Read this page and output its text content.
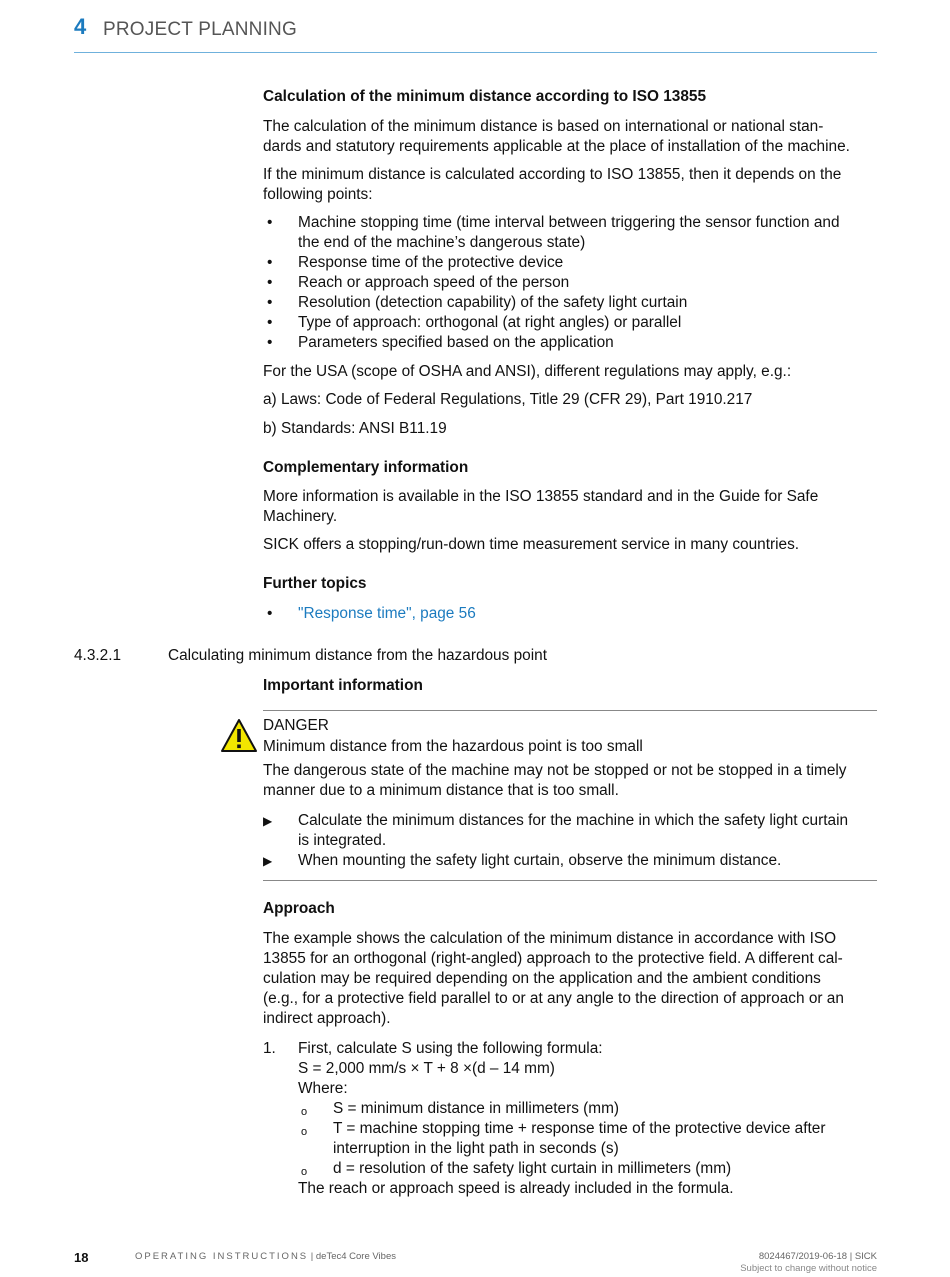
4 PROJECT PLANNING
Calculation of the minimum distance according to ISO 13855
The calculation of the minimum distance is based on international or national stan-
dards and statutory requirements applicable at the place of installation of the machine.
If the minimum distance is calculated according to ISO 13855, then it depends on the
following points:
• Machine stopping time (time interval between triggering the sensor function and
the end of the machine’s dangerous state)
• Response time of the protective device
• Reach or approach speed of the person
• Resolution (detection capability) of the safety light curtain
• Type of approach: orthogonal (at right angles) or parallel
• Parameters specified based on the application
For the USA (scope of OSHA and ANSI), different regulations may apply, e.g.:
a) Laws: Code of Federal Regulations, Title 29 (CFR 29), Part 1910.217
b) Standards: ANSI B11.19
Complementary information
More information is available in the ISO 13855 standard and in the Guide for Safe
Machinery.
SICK offers a stopping/run-down time measurement service in many countries.
Further topics
• "Response time", page 56
4.3.2.1	Calculating minimum distance from the hazardous point
Important information
DANGER
Minimum distance from the hazardous point is too small
The dangerous state of the machine may not be stopped or not be stopped in a timely
manner due to a minimum distance that is too small.
▶ Calculate the minimum distances for the machine in which the safety light curtain
is integrated.
▶ When mounting the safety light curtain, observe the minimum distance.
Approach
The example shows the calculation of the minimum distance in accordance with ISO
13855 for an orthogonal (right-angled) approach to the protective field. A different cal-
culation may be required depending on the application and the ambient conditions
(e.g., for a protective field parallel to or at any angle to the direction of approach or an
indirect approach).
1.	First, calculate S using the following formula:
S = 2,000 mm/s × T + 8 ×(d – 14 mm)
Where:
o S = minimum distance in millimeters (mm)
o T = machine stopping time + response time of the protective device after
interruption in the light path in seconds (s)
o d = resolution of the safety light curtain in millimeters (mm)
The reach or approach speed is already included in the formula.
18	OPERATING INSTRUCTIONS | deTec4 Core Vibes	8024467/2019-06-18 | SICK
Subject to change without notice
